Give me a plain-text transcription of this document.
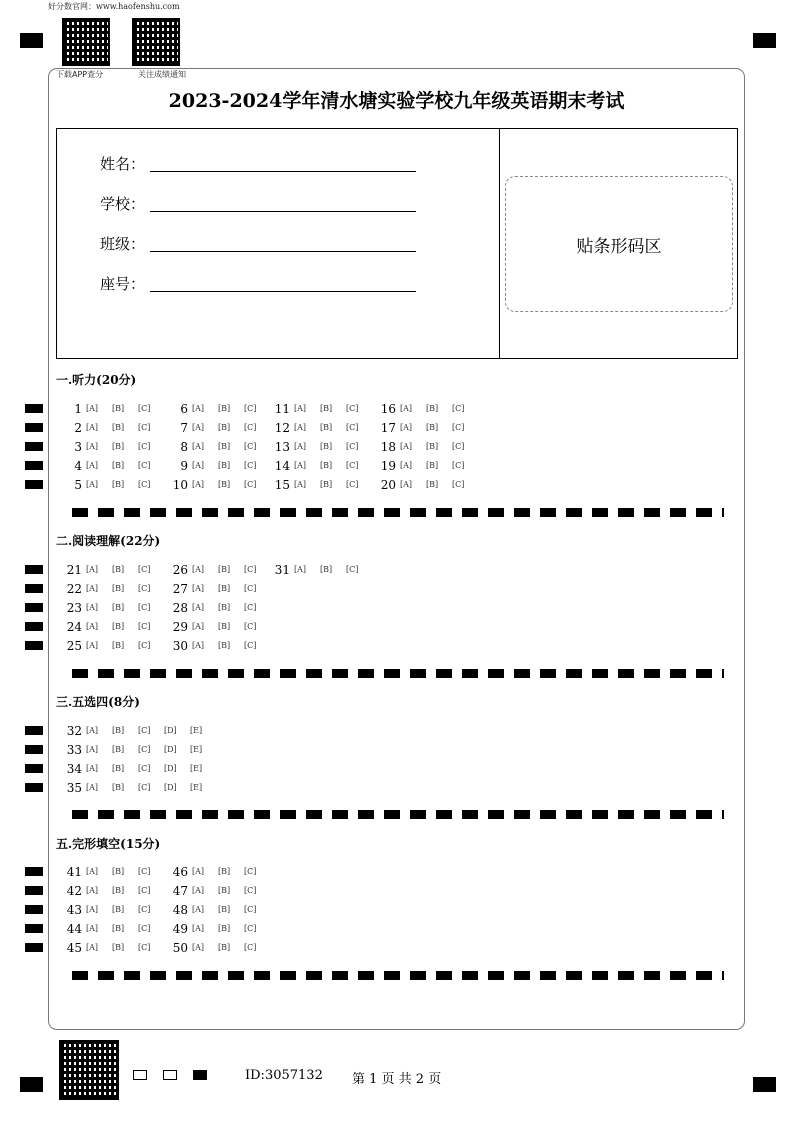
好分数官网：www.haofenshu.com
下载APP查分	关注成绩通知
2023-2024学年清水塘实验学校九年级英语期末考试
姓名：
学校：
班级：
座号：
贴条形码区
一.听力(20分)
二.阅读理解(22分)
三.五选四(8分)
五.完形填空(15分)
1 [A] [B] [C]
2 [A] [B] [C]
3 [A] [B] [C]
4 [A] [B] [C]
5 [A] [B] [C]
6 [A] [B] [C]
7 [A] [B] [C]
8 [A] [B] [C]
9 [A] [B] [C]
10 [A] [B] [C]
11 [A] [B] [C]
12 [A] [B] [C]
13 [A] [B] [C]
14 [A] [B] [C]
15 [A] [B] [C]
16 [A] [B] [C]
17 [A] [B] [C]
18 [A] [B] [C]
19 [A] [B] [C]
20 [A] [B] [C]
21 [A] [B] [C]
22 [A] [B] [C]
23 [A] [B] [C]
24 [A] [B] [C]
25 [A] [B] [C]
26 [A] [B] [C]
27 [A] [B] [C]
28 [A] [B] [C]
29 [A] [B] [C]
30 [A] [B] [C]
31 [A] [B] [C]
32 [A] [B] [C] [D] [E]
33 [A] [B] [C] [D] [E]
34 [A] [B] [C] [D] [E]
35 [A] [B] [C] [D] [E]
41 [A] [B] [C]
42 [A] [B] [C]
43 [A] [B] [C]
44 [A] [B] [C]
45 [A] [B] [C]
46 [A] [B] [C]
47 [A] [B] [C]
48 [A] [B] [C]
49 [A] [B] [C]
50 [A] [B] [C]
ID:3057132 第 1 页 共 2 页
